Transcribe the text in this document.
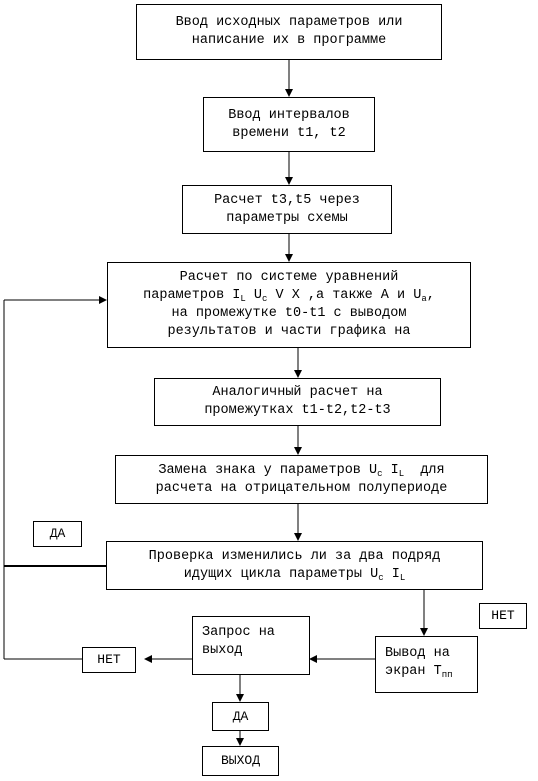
Ввод исходных параметров или
написание их в программе
Ввод интервалов
времени t1, t2
Расчет t3,t5 через
параметры схемы
Расчет по системе уравнений
параметров $I_L$ $U_c$ V X ,а также A и $U_a$,
на промежутке t0-t1 с выводом
результатов и части графика на
Аналогичный расчет на
промежутках t1-t2,t2-t3
Замена знака у параметров $U_c$ $I_L$  для
расчета на отрицательном полупериоде
ДА
Проверка изменились ли за два подряд
идущих цикла параметры $U_c$ $I_L$
НЕТ
Запрос на
выход
НЕТ	Вывод на
экран $T_{пп}$
ДА
ВЫХОД
